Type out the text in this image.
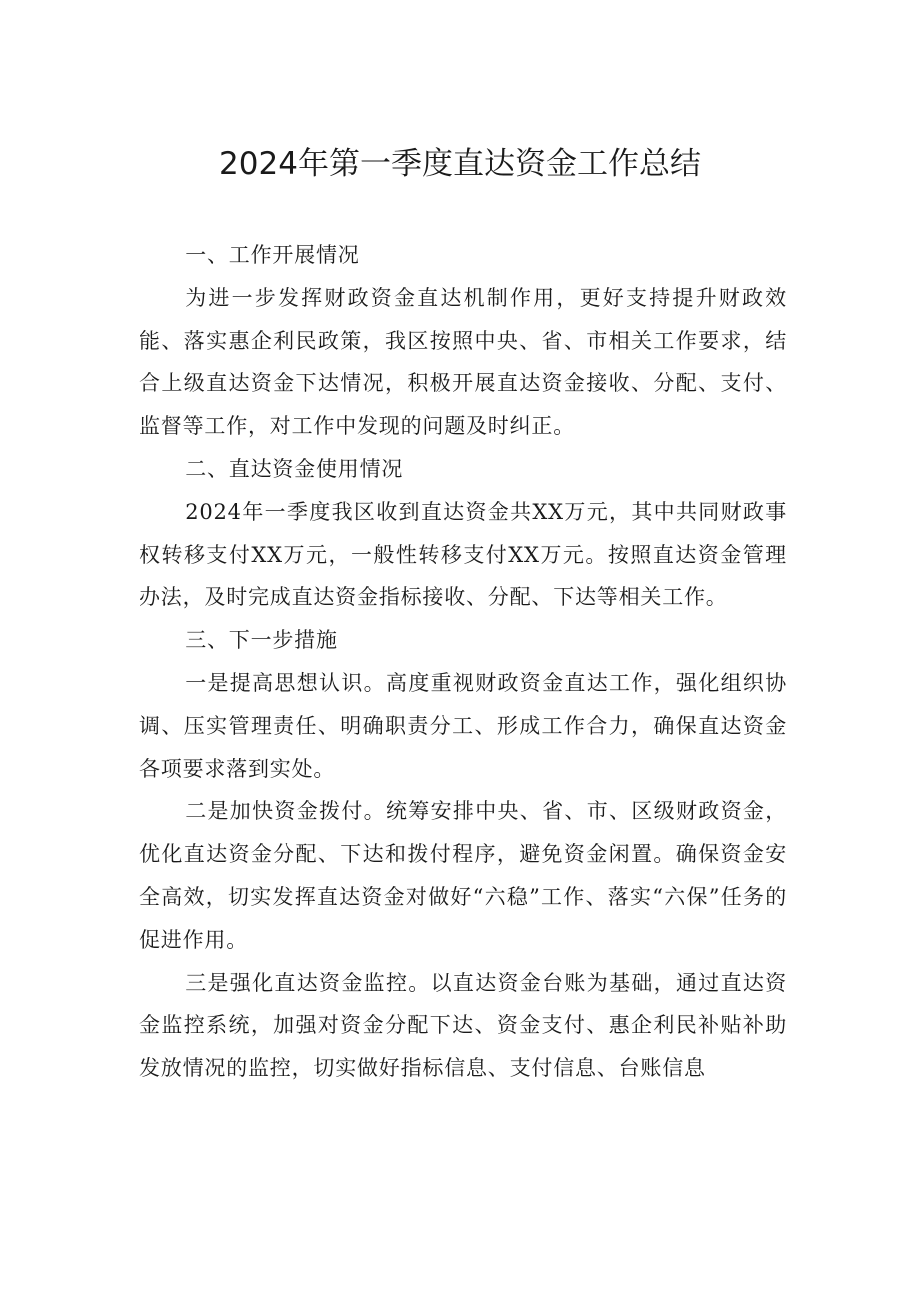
2024年第一季度直达资金工作总结

一、工作开展情况

为进一步发挥财政资金直达机制作用，更好支持提升财政效能、落实惠企利民政策，我区按照中央、省、市相关工作要求，结合上级直达资金下达情况，积极开展直达资金接收、分配、支付、监督等工作，对工作中发现的问题及时纠正。

二、直达资金使用情况

2024年一季度我区收到直达资金共XX万元，其中共同财政事权转移支付XX万元，一般性转移支付XX万元。按照直达资金管理办法，及时完成直达资金指标接收、分配、下达等相关工作。

三、下一步措施

一是提高思想认识。高度重视财政资金直达工作，强化组织协调、压实管理责任、明确职责分工、形成工作合力，确保直达资金各项要求落到实处。

二是加快资金拨付。统筹安排中央、省、市、区级财政资金，优化直达资金分配、下达和拨付程序，避免资金闲置。确保资金安全高效，切实发挥直达资金对做好“六稳”工作、落实“六保”任务的促进作用。

三是强化直达资金监控。以直达资金台账为基础，通过直达资金监控系统，加强对资金分配下达、资金支付、惠企利民补贴补助发放情况的监控，切实做好指标信息、支付信息、台账信息
